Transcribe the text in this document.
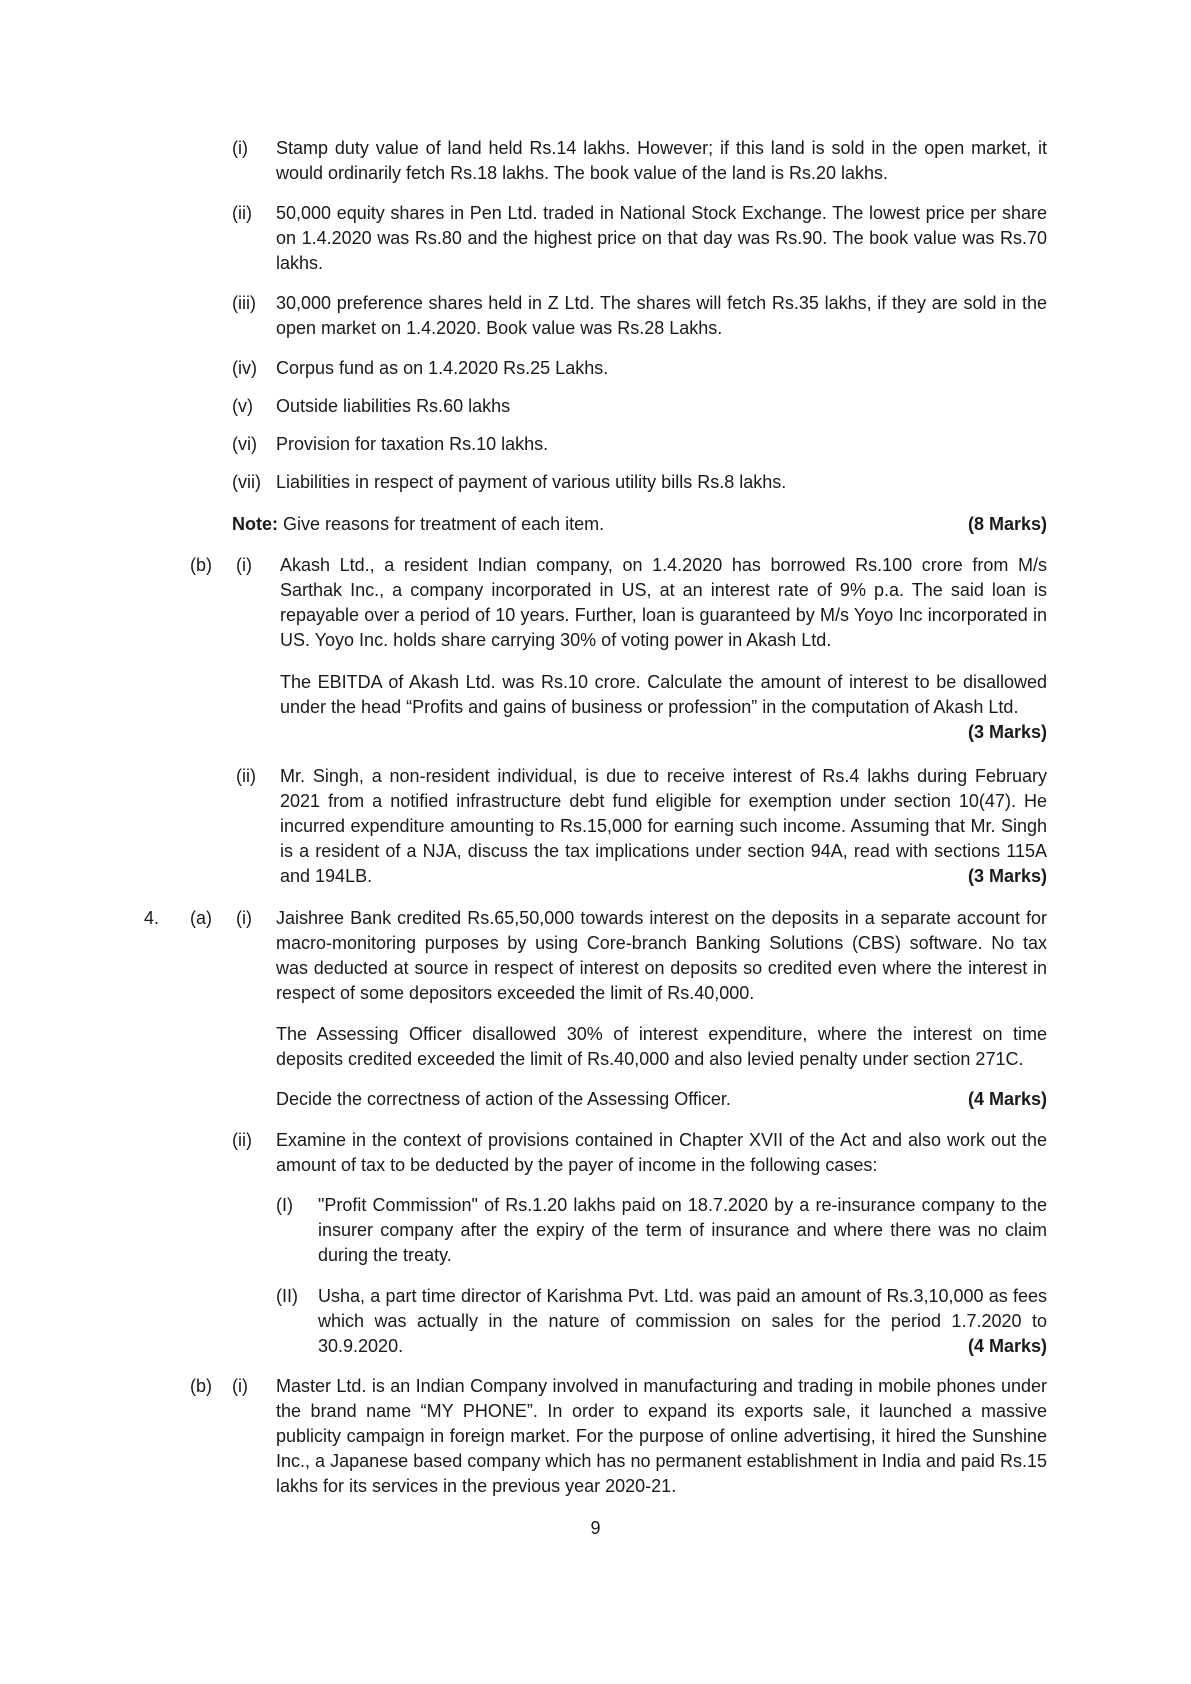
(i) Stamp duty value of land held Rs.14 lakhs. However; if this land is sold in the open market, it would ordinarily fetch Rs.18 lakhs. The book value of the land is Rs.20 lakhs.

(ii) 50,000 equity shares in Pen Ltd. traded in National Stock Exchange. The lowest price per share on 1.4.2020 was Rs.80 and the highest price on that day was Rs.90. The book value was Rs.70 lakhs.

(iii) 30,000 preference shares held in Z Ltd. The shares will fetch Rs.35 lakhs, if they are sold in the open market on 1.4.2020. Book value was Rs.28 Lakhs.

(iv) Corpus fund as on 1.4.2020 Rs.25 Lakhs.

(v) Outside liabilities Rs.60 lakhs

(vi) Provision for taxation Rs.10 lakhs.

(vii) Liabilities in respect of payment of various utility bills Rs.8 lakhs.

(8 Marks)
Note: Give reasons for treatment of each item.

(b) (i) Akash Ltd., a resident Indian company, on 1.4.2020 has borrowed Rs.100 crore from M/s Sarthak Inc., a company incorporated in US, at an interest rate of 9% p.a. The said loan is repayable over a period of 10 years. Further, loan is guaranteed by M/s Yoyo Inc incorporated in US. Yoyo Inc. holds share carrying 30% of voting power in Akash Ltd.

The EBITDA of Akash Ltd. was Rs.10 crore. Calculate the amount of interest to be disallowed under the head “Profits and gains of business or profession” in the computation of Akash Ltd.
(3 Marks)

(ii) Mr. Singh, a non-resident individual, is due to receive interest of Rs.4 lakhs during February 2021 from a notified infrastructure debt fund eligible for exemption under section 10(47). He incurred expenditure amounting to Rs.15,000 for earning such income. Assuming that Mr. Singh is a resident of a NJA, discuss the tax implications under section 94A, read with sections 115A and 194LB.	(3 Marks)

4. (a) (i) Jaishree Bank credited Rs.65,50,000 towards interest on the deposits in a separate account for macro-monitoring purposes by using Core-branch Banking Solutions (CBS) software. No tax was deducted at source in respect of interest on deposits so credited even where the interest in respect of some depositors exceeded the limit of Rs.40,000.

The Assessing Officer disallowed 30% of interest expenditure, where the interest on time deposits credited exceeded the limit of Rs.40,000 and also levied penalty under section 271C.

(4 Marks)
Decide the correctness of action of the Assessing Officer.

(ii) Examine in the context of provisions contained in Chapter XVII of the Act and also work out the amount of tax to be deducted by the payer of income in the following cases:

(I) "Profit Commission" of Rs.1.20 lakhs paid on 18.7.2020 by a re-insurance company to the insurer company after the expiry of the term of insurance and where there was no claim during the treaty.

(II) Usha, a part time director of Karishma Pvt. Ltd. was paid an amount of Rs.3,10,000 as fees which was actually in the nature of commission on sales for the period 1.7.2020 to 30.9.2020.	(4 Marks)

(b) (i) Master Ltd. is an Indian Company involved in manufacturing and trading in mobile phones under the brand name “MY PHONE”. In order to expand its exports sale, it launched a massive publicity campaign in foreign market. For the purpose of online advertising, it hired the Sunshine Inc., a Japanese based company which has no permanent establishment in India and paid Rs.15 lakhs for its services in the previous year 2020-21.

9
